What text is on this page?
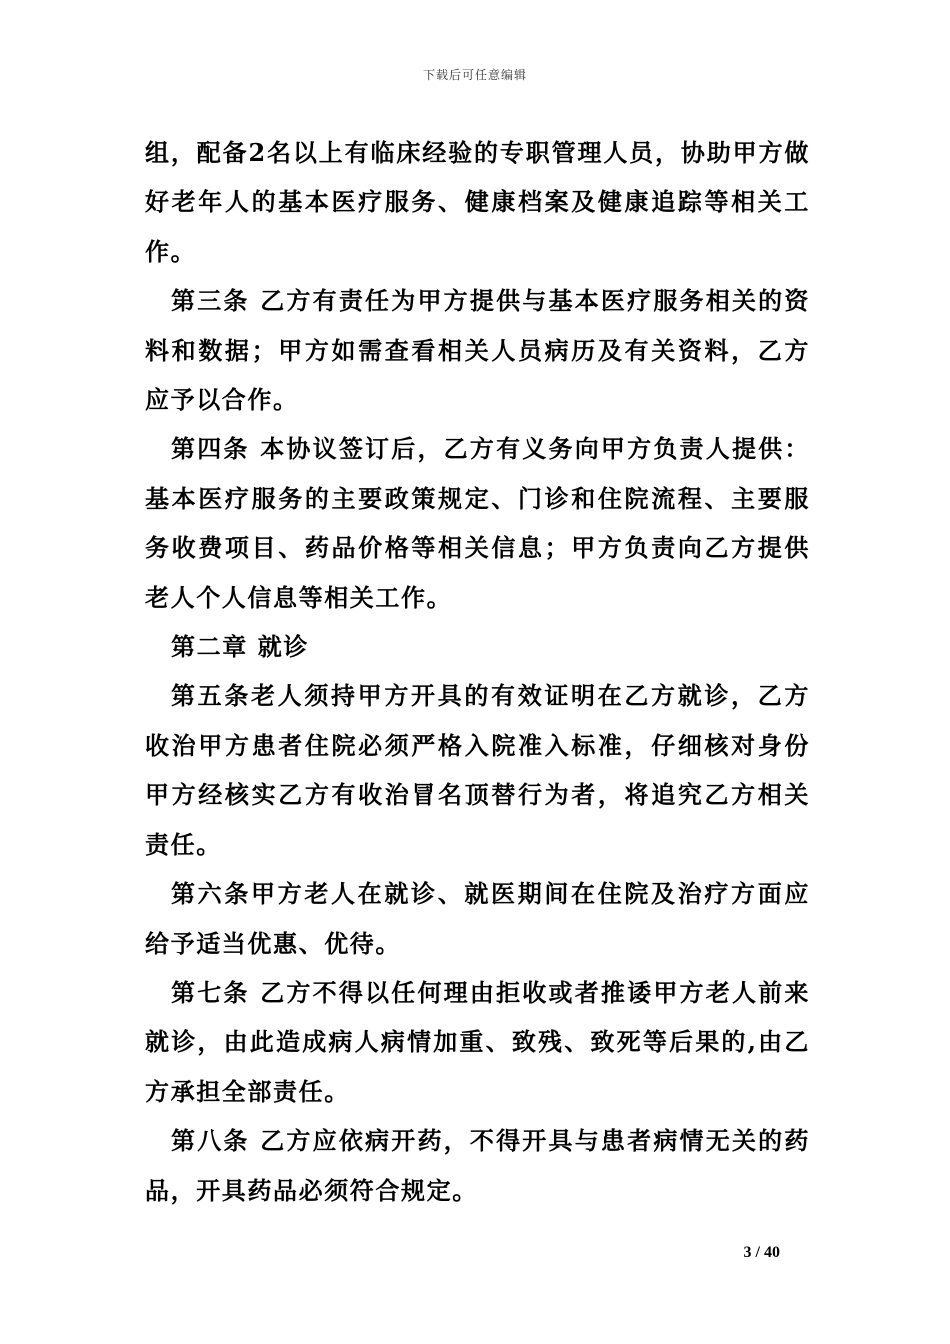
下载后可任意编辑

组，配备2名以上有临床经验的专职管理人员，协助甲方做好老年人的基本医疗服务、健康档案及健康追踪等相关工作。

第三条 乙方有责任为甲方提供与基本医疗服务相关的资料和数据；甲方如需查看相关人员病历及有关资料，乙方应予以合作。

第四条 本协议签订后，乙方有义务向甲方负责人提供：基本医疗服务的主要政策规定、门诊和住院流程、主要服务收费项目、药品价格等相关信息；甲方负责向乙方提供老人个人信息等相关工作。

第二章 就诊

第五条老人须持甲方开具的有效证明在乙方就诊，乙方收治甲方患者住院必须严格入院准入标准，仔细核对身份甲方经核实乙方有收治冒名顶替行为者，将追究乙方相关责任。

第六条甲方老人在就诊、就医期间在住院及治疗方面应给予适当优惠、优待。

第七条 乙方不得以任何理由拒收或者推诿甲方老人前来就诊，由此造成病人病情加重、致残、致死等后果的,由乙方承担全部责任。

第八条 乙方应依病开药，不得开具与患者病情无关的药品，开具药品必须符合规定。

3 / 40
